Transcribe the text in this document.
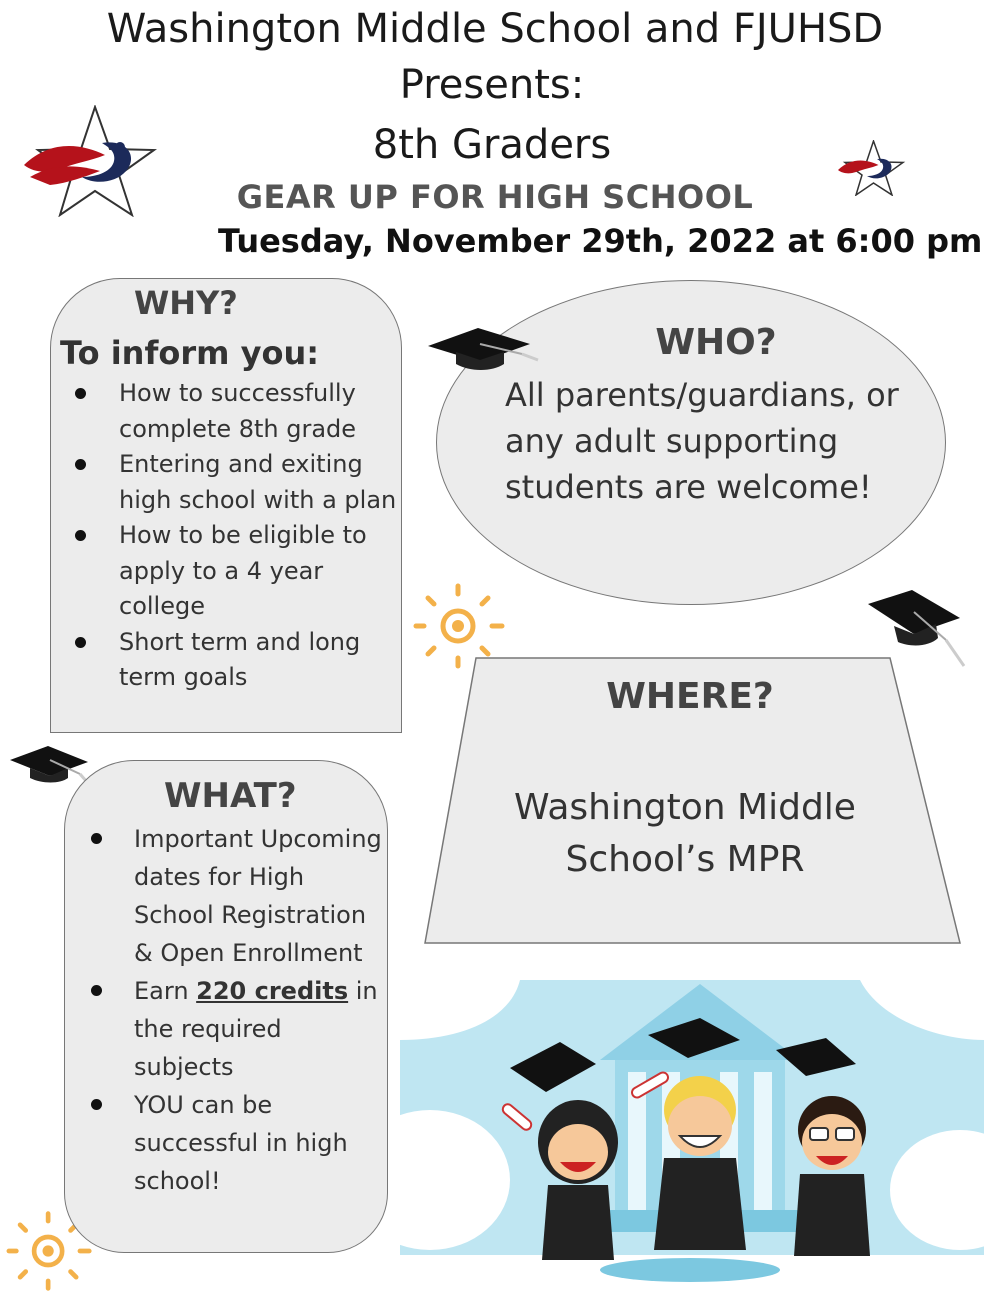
Washington Middle School and FJUHSD
Presents:
8th Graders
GEAR UP FOR HIGH SCHOOL
Tuesday, November 29th, 2022 at 6:00 pm
WHY?
To inform you:
How to successfully complete 8th grade
Entering and exiting high school with a plan
How to be eligible to apply to a 4 year college
Short term and long term goals
WHO?
All parents/guardians, or any adult supporting students are welcome!
WHERE?
Washington Middle School’s MPR
WHAT?
Important Upcoming dates for High School Registration & Open Enrollment
Earn 220 credits in the required subjects
YOU can be successful in high school!
